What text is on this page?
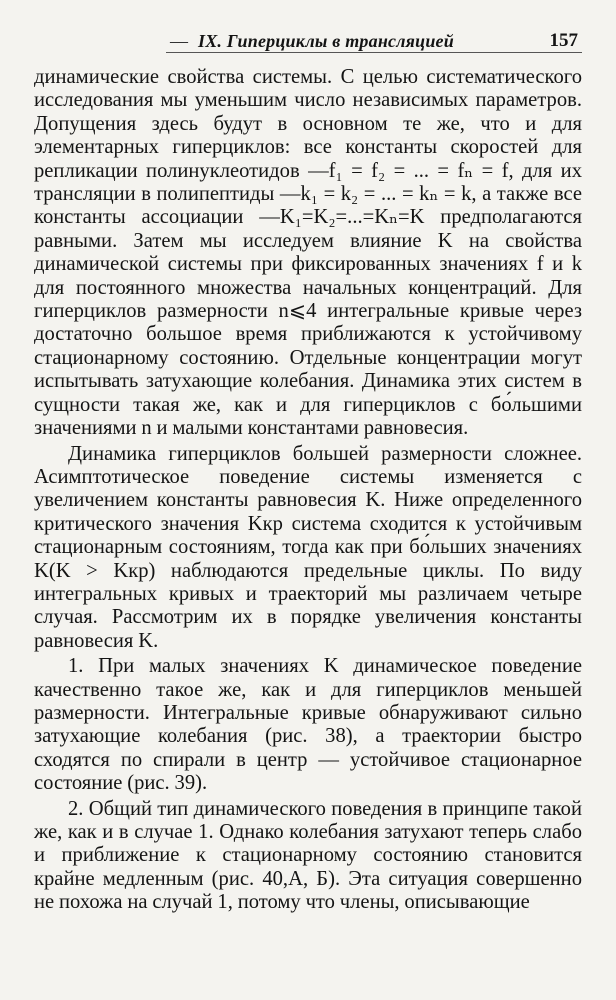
— IX. Гиперциклы в трансляцией	157

динамические свойства системы. С целью систематического исследования мы уменьшим число независимых параметров. Допущения здесь будут в основном те же, что и для элементарных гиперциклов: все константы скоростей для репликации полинуклеотидов —f₁ = f₂ = ... = fₙ = f, для их трансляции в полипептиды —k₁ = k₂ = ... = kₙ = k, а также все константы ассоциации —K₁=K₂=...=Kₙ=K предполагаются равными. Затем мы исследуем влияние K на свойства динамической системы при фиксированных значениях f и k для постоянного множества начальных концентраций. Для гиперциклов размерности n⩽4 интегральные кривые через достаточно большое время приближаются к устойчивому стационарному состоянию. Отдельные концентрации могут испытывать затухающие колебания. Динамика этих систем в сущности такая же, как и для гиперциклов с бо́льшими значениями n и малыми константами равновесия.

Динамика гиперциклов большей размерности сложнее. Асимптотическое поведение системы изменяется с увеличением константы равновесия K. Ниже определенного критического значения Kкр система сходится к устойчивым стационарным состояниям, тогда как при бо́льших значениях K(K > Kкр) наблюдаются предельные циклы. По виду интегральных кривых и траекторий мы различаем четыре случая. Рассмотрим их в порядке увеличения константы равновесия K.

1. При малых значениях K динамическое поведение качественно такое же, как и для гиперциклов меньшей размерности. Интегральные кривые обнаруживают сильно затухающие колебания (рис. 38), а траектории быстро сходятся по спирали в центр — устойчивое стационарное состояние (рис. 39).

2. Общий тип динамического поведения в принципе такой же, как и в случае 1. Однако колебания затухают теперь слабо и приближение к стационарному состоянию становится крайне медленным (рис. 40,A, Б). Эта ситуация совершенно не похожа на случай 1, потому что члены, описывающие
